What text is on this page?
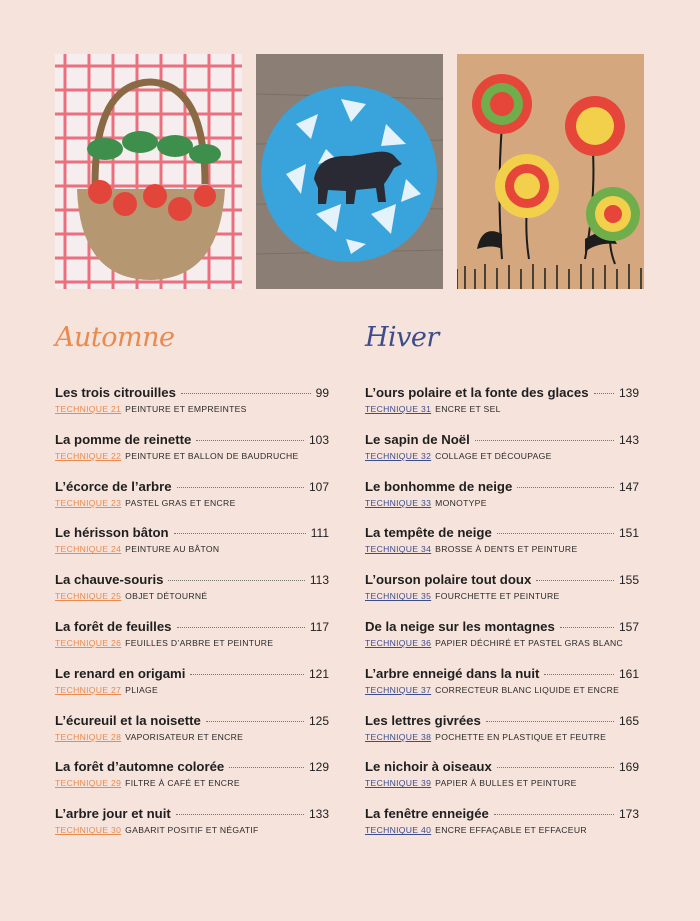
Automne
Les trois citrouilles	99
TECHNIQUE 21 PEINTURE ET EMPREINTES
La pomme de reinette	103
TECHNIQUE 22 PEINTURE ET BALLON DE BAUDRUCHE
L’écorce de l’arbre	107
TECHNIQUE 23 PASTEL GRAS ET ENCRE
Le hérisson bâton	111
TECHNIQUE 24 PEINTURE AU BÂTON
La chauve-souris	113
TECHNIQUE 25 OBJET DÉTOURNÉ
La forêt de feuilles	117
TECHNIQUE 26 FEUILLES D’ARBRE ET PEINTURE
Le renard en origami	121
TECHNIQUE 27 PLIAGE
L’écureuil et la noisette	125
TECHNIQUE 28 VAPORISATEUR ET ENCRE
La forêt d’automne colorée	129
TECHNIQUE 29 FILTRE À CAFÉ ET ENCRE
L’arbre jour et nuit	133
TECHNIQUE 30 GABARIT POSITIF ET NÉGATIF
Hiver
L’ours polaire et la fonte des glaces	139
TECHNIQUE 31 ENCRE ET SEL
Le sapin de Noël	143
TECHNIQUE 32 COLLAGE ET DÉCOUPAGE
Le bonhomme de neige	147
TECHNIQUE 33 MONOTYPE
La tempête de neige	151
TECHNIQUE 34 BROSSE À DENTS ET PEINTURE
L’ourson polaire tout doux	155
TECHNIQUE 35 FOURCHETTE ET PEINTURE
De la neige sur les montagnes	157
TECHNIQUE 36 PAPIER DÉCHIRÉ ET PASTEL GRAS BLANC
L’arbre enneigé dans la nuit	161
TECHNIQUE 37 CORRECTEUR BLANC LIQUIDE ET ENCRE
Les lettres givrées	165
TECHNIQUE 38 POCHETTE EN PLASTIQUE ET FEUTRE
Le nichoir à oiseaux	169
TECHNIQUE 39 PAPIER À BULLES ET PEINTURE
La fenêtre enneigée	173
TECHNIQUE 40 ENCRE EFFAÇABLE ET EFFACEUR
